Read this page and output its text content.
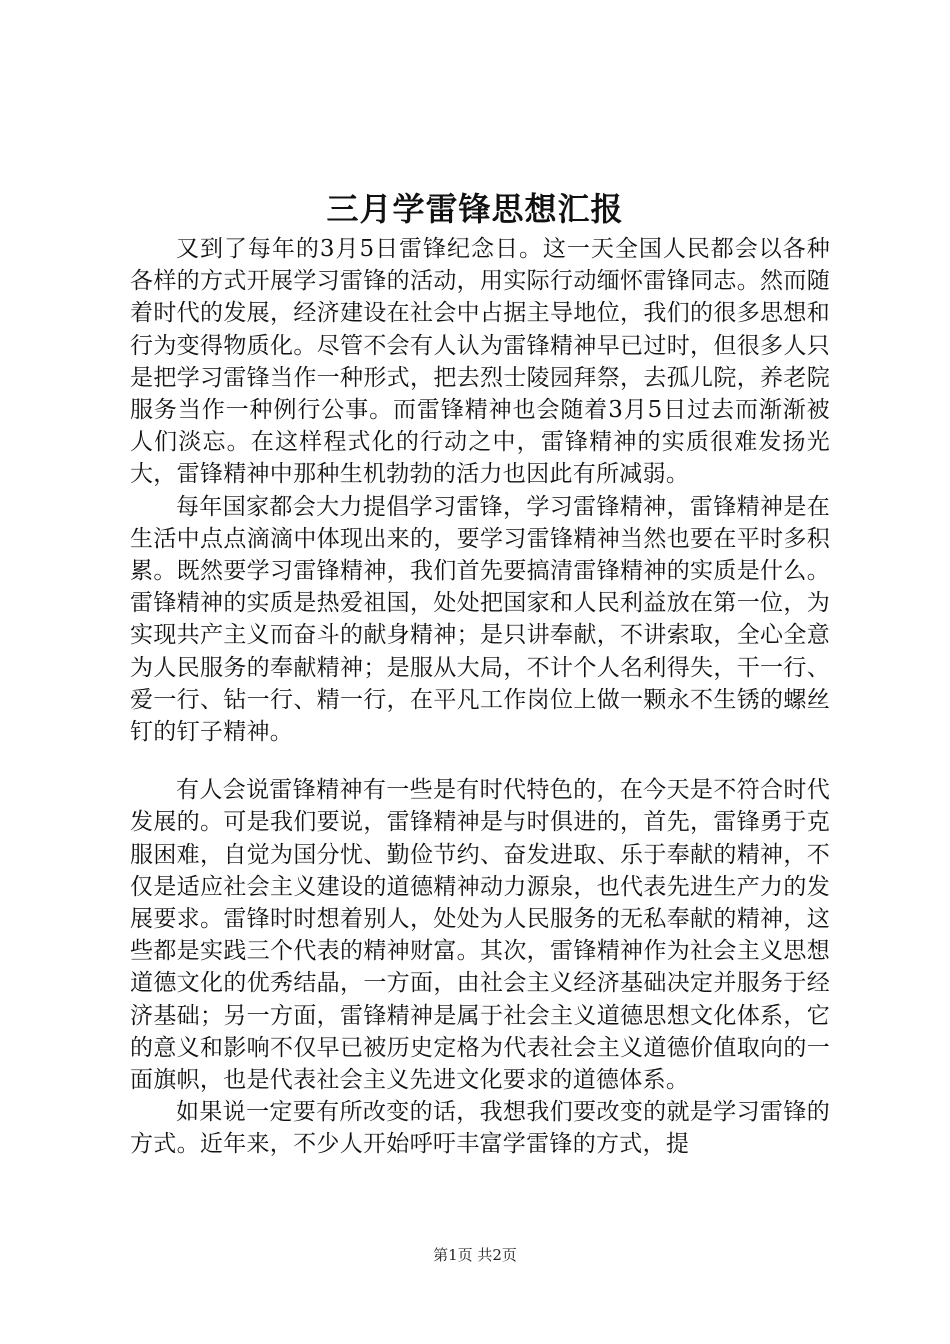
三月学雷锋思想汇报

又到了每年的3月5日雷锋纪念日。这一天全国人民都会以各种各样的方式开展学习雷锋的活动，用实际行动缅怀雷锋同志。然而随着时代的发展，经济建设在社会中占据主导地位，我们的很多思想和行为变得物质化。尽管不会有人认为雷锋精神早已过时，但很多人只是把学习雷锋当作一种形式，把去烈士陵园拜祭，去孤儿院，养老院服务当作一种例行公事。而雷锋精神也会随着3月5日过去而渐渐被人们淡忘。在这样程式化的行动之中，雷锋精神的实质很难发扬光大，雷锋精神中那种生机勃勃的活力也因此有所减弱。

每年国家都会大力提倡学习雷锋，学习雷锋精神，雷锋精神是在生活中点点滴滴中体现出来的，要学习雷锋精神当然也要在平时多积累。既然要学习雷锋精神，我们首先要搞清雷锋精神的实质是什么。雷锋精神的实质是热爱祖国，处处把国家和人民利益放在第一位，为实现共产主义而奋斗的献身精神；是只讲奉献，不讲索取，全心全意为人民服务的奉献精神；是服从大局，不计个人名利得失，干一行、爱一行、钻一行、精一行，在平凡工作岗位上做一颗永不生锈的螺丝钉的钉子精神。

有人会说雷锋精神有一些是有时代特色的，在今天是不符合时代发展的。可是我们要说，雷锋精神是与时俱进的，首先，雷锋勇于克服困难，自觉为国分忧、勤俭节约、奋发进取、乐于奉献的精神，不仅是适应社会主义建设的道德精神动力源泉，也代表先进生产力的发展要求。雷锋时时想着别人，处处为人民服务的无私奉献的精神，这些都是实践三个代表的精神财富。其次，雷锋精神作为社会主义思想道德文化的优秀结晶，一方面，由社会主义经济基础决定并服务于经济基础；另一方面，雷锋精神是属于社会主义道德思想文化体系，它的意义和影响不仅早已被历史定格为代表社会主义道德价值取向的一面旗帜，也是代表社会主义先进文化要求的道德体系。

如果说一定要有所改变的话，我想我们要改变的就是学习雷锋的方式。近年来，不少人开始呼吁丰富学雷锋的方式，提

第1页 共2页
